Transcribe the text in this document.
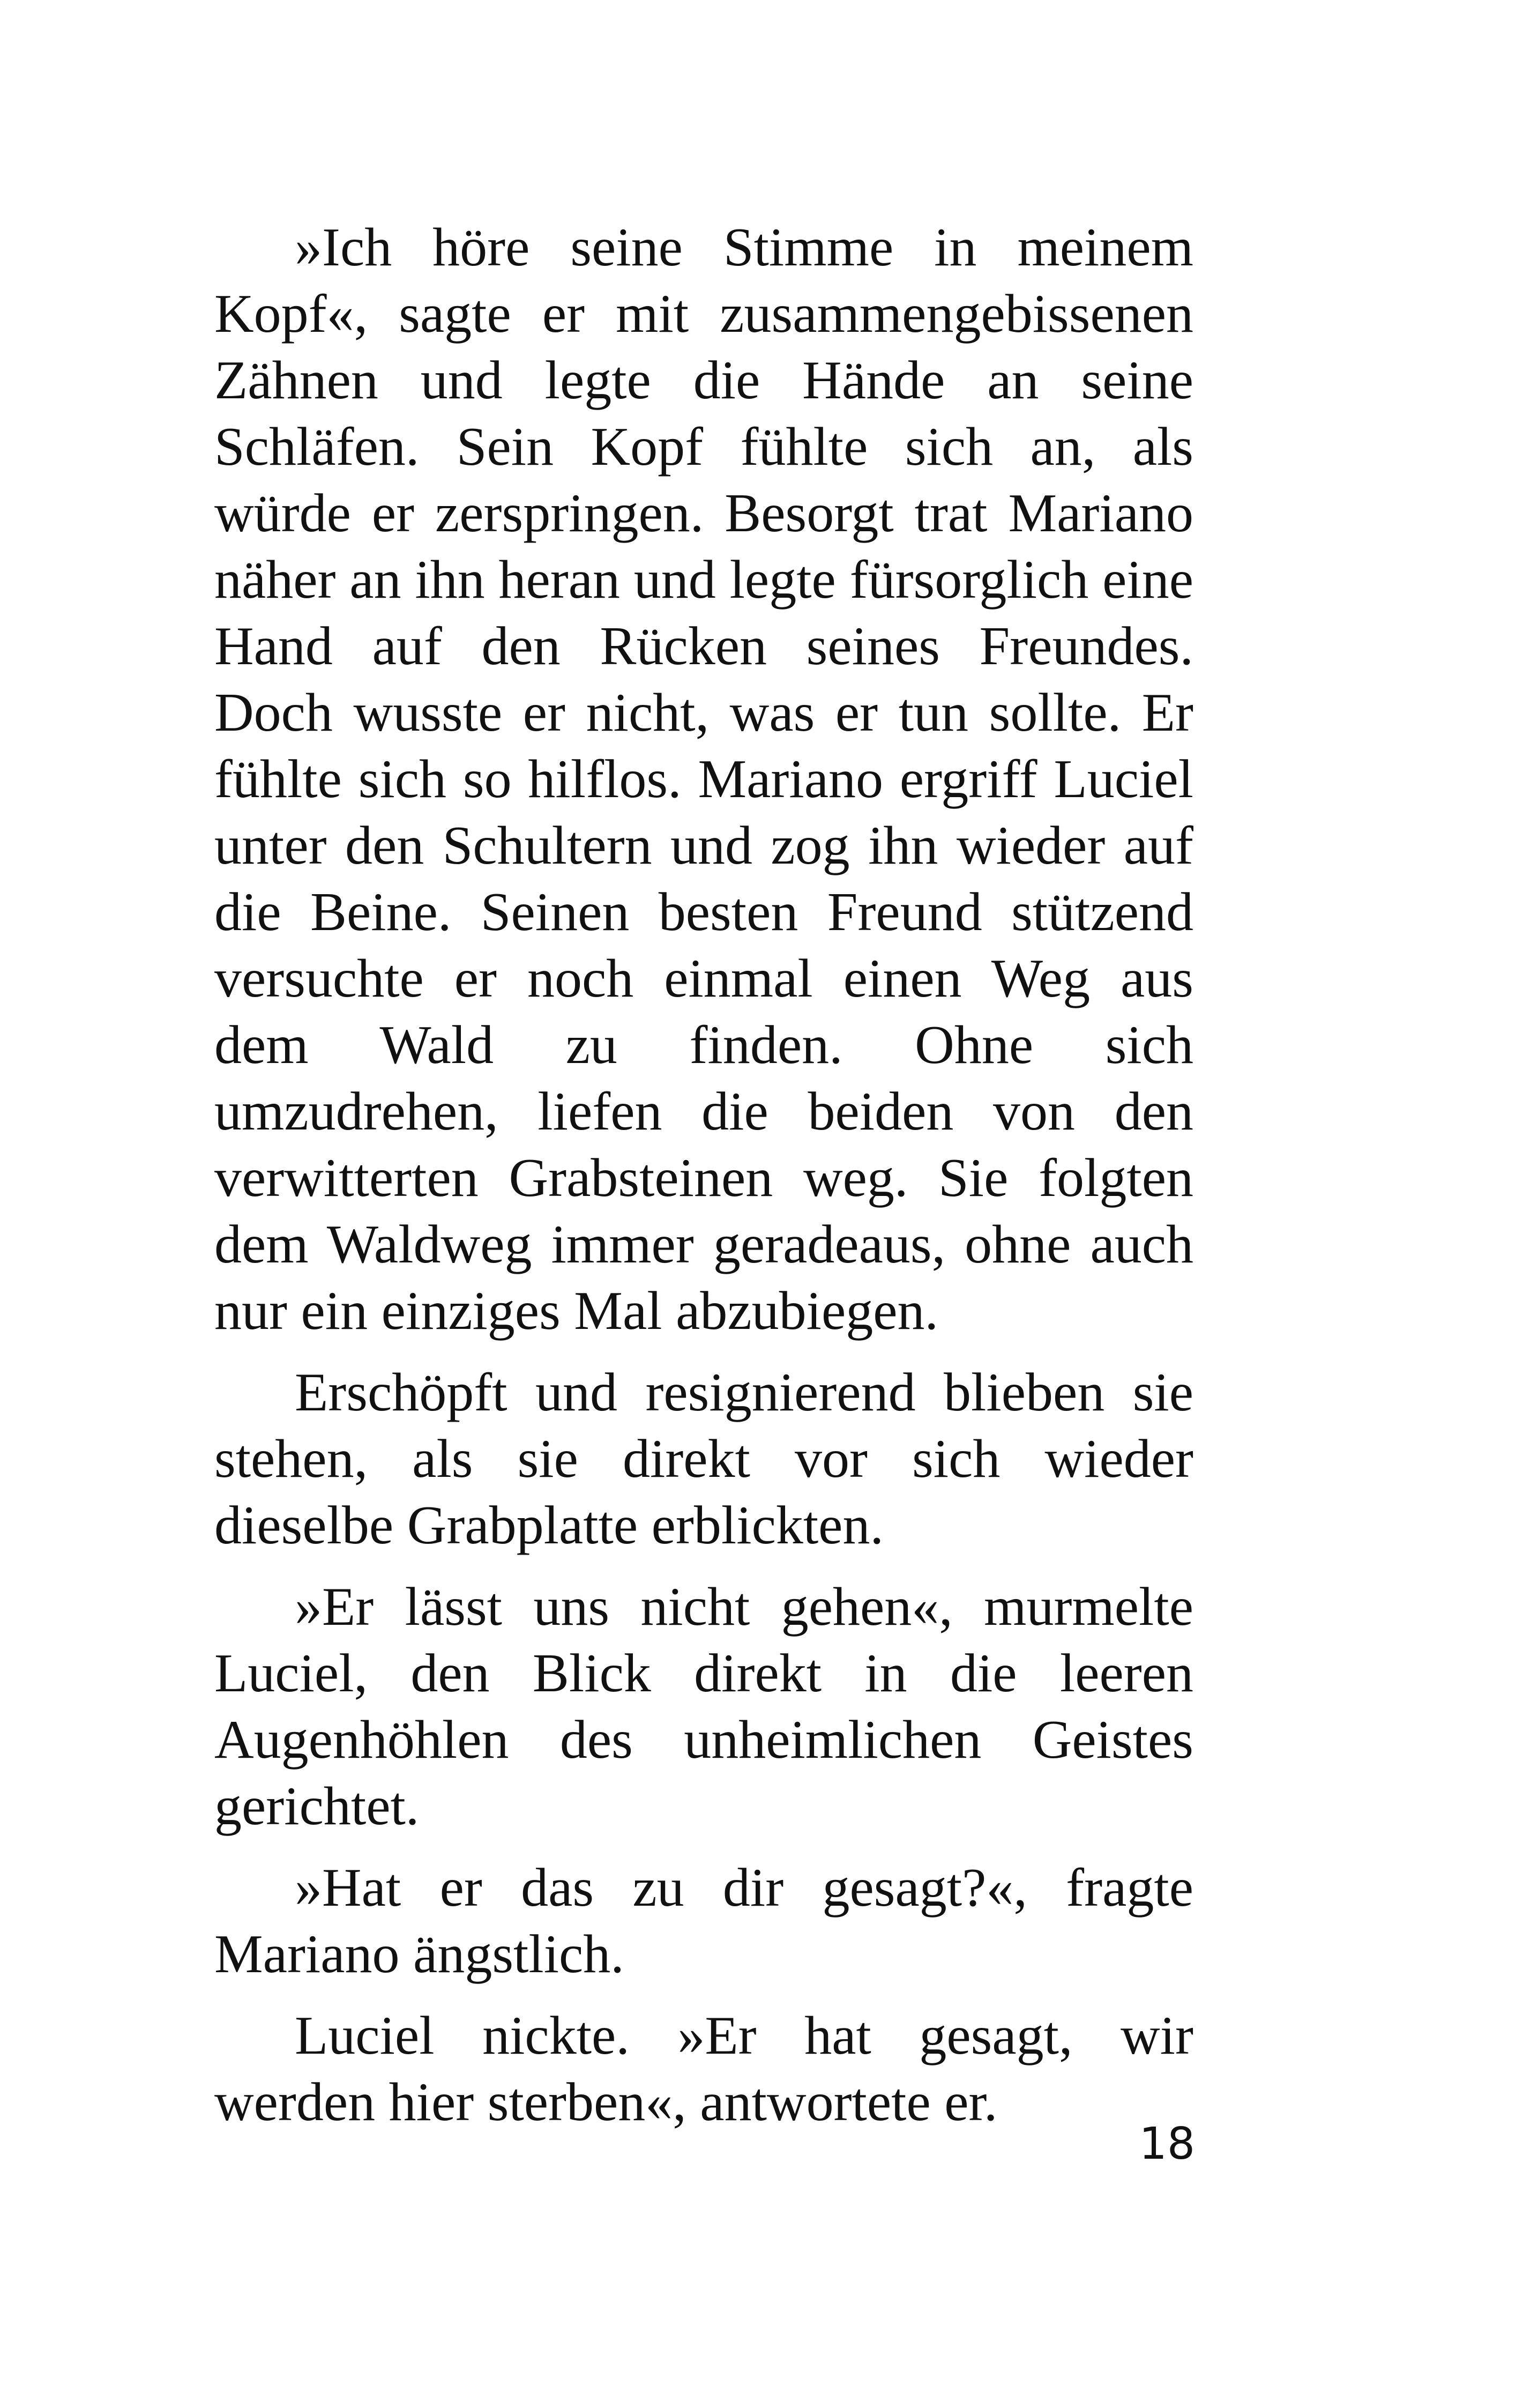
»Ich höre seine Stimme in meinem Kopf«, sagte er mit zusammengebissenen Zähnen und legte die Hände an seine Schläfen. Sein Kopf fühlte sich an, als würde er zerspringen. Besorgt trat Mariano näher an ihn heran und legte fürsorglich eine Hand auf den Rücken seines Freundes. Doch wusste er nicht, was er tun sollte. Er fühlte sich so hilflos. Mariano ergriff Luciel unter den Schultern und zog ihn wieder auf die Beine. Seinen besten Freund stützend versuchte er noch einmal einen Weg aus dem Wald zu finden. Ohne sich umzudrehen, liefen die beiden von den verwitterten Grabsteinen weg. Sie folgten dem Waldweg immer geradeaus, ohne auch nur ein einziges Mal abzubiegen.

Erschöpft und resignierend blieben sie stehen, als sie direkt vor sich wieder dieselbe Grabplatte erblickten.

»Er lässt uns nicht gehen«, murmelte Luciel, den Blick direkt in die leeren Augenhöhlen des unheimlichen Geistes gerichtet.

»Hat er das zu dir gesagt?«, fragte Mariano ängstlich.

Luciel nickte. »Er hat gesagt, wir werden hier sterben«, antwortete er.

18
